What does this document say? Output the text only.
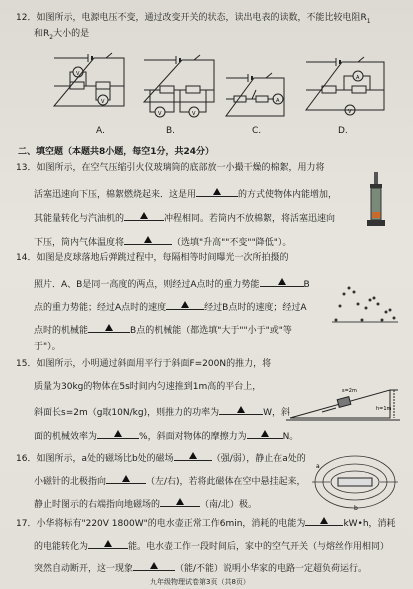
12．如图所示，电源电压不变，通过改变开关的状态，读出电表的读数，不能比较电阻$R_1$
和$R_2$大小的是
V
V
V	V
A
A
V
A.	B.	C.	D.
二、填空题（本题共8小题，每空1分，共24分）
13．如图所示，在空气压缩引火仪玻璃筒的底部放一小撮干燥的棉絮，用力将
活塞迅速向下压，棉絮燃烧起来．这是用	的方式使物体内能增加，
其能量转化与汽油机的	冲程相同。若筒内不放棉絮，将活塞迅速向
下压，筒内气体温度将	（选填"升高""不变""降低"）。
14．如图是皮球落地后弹跳过程中，每隔相等时间曝光一次所拍摄的
照片．A、B是同一高度的两点，则经过A点时的重力势能	B
点的重力势能；经过A点时的速度	经过B点时的速度；经过A
点时的机械能	B点的机械能（都选填"大于""小于"或"等
于"）。
15．如图所示，小明通过斜面用平行于斜面F=200N的推力，将
质量为30kg的物体在5s时间内匀速推到1m高的平台上，
斜面长s=2m（g取10N/kg)，则推力的功率为	W，斜
面的机械效率为	%，斜面对物体的摩擦力为	N。
s=2m
h=1m
16．如图所示，a处的磁场比b处的磁场	（强/弱），静止在a处的
小磁针的北极指向	（左/右)，若将此磁体在空中悬挂起来，
静止时图示的右端指向地磁场的	（南/北）极。
a
b
17．小华将标有"220V 1800W"的电水壶正常工作6min，消耗的电能为	kW•h，消耗
的电能转化为	能。电水壶工作一段时间后，家中的空气开关（与熔丝作用相同）
突然自动断开，这一现象	（能/不能）说明小华家的电路一定超负荷运行。
九年级物理试卷第3页（共8页）
